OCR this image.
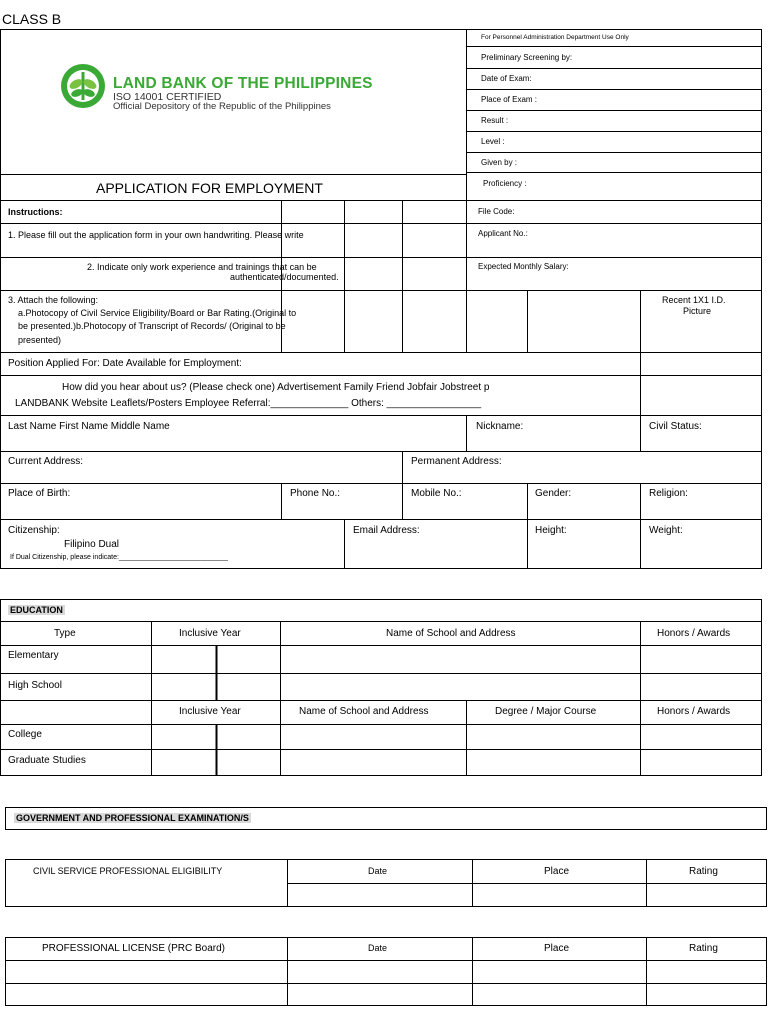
CLASS B
LAND BANK OF THE PHILIPPINES
ISO 14001 CERTIFIED
Official Depository of the Republic of the Philippines
APPLICATION FOR EMPLOYMENT
For Personnel Administration Department Use Only
Preliminary Screening by:
Date of Exam:
Place of Exam :
Result :
Level :
Given by :
Proficiency :
File Code:
Applicant No.:
Expected Monthly Salary:
Instructions:
1. Please fill out the application form in your own handwriting. Please write
2. Indicate only work experience and trainings that can be
authenticated/documented.
3. Attach the following:
a.Photocopy of Civil Service Eligibility/Board or Bar Rating.(Original to
be presented.)b.Photocopy of Transcript of Records/ (Original to be
presented)
Recent 1X1 I.D.
Picture
Position Applied For: Date Available for Employment:
How did you hear about us? (Please check one) Advertisement Family Friend Jobfair Jobstreet p
LANDBANK Website Leaflets/Posters Employee Referral:______________ Others: _________________
Last Name First Name Middle Name	Nickname:	Civil Status:
Current Address:	Permanent Address:
Place of Birth:	Phone No.:	Mobile No.:	Gender:	Religion:
Citizenship:
Filipino Dual
If Dual Citizenship, please indicate:____________________________
Email Address:	Height:	Weight:
EDUCATION
Type	Inclusive Year	Name of School and Address	Honors / Awards
Elementary
High School
Inclusive Year	Name of School and Address	Degree / Major Course	Honors / Awards
College
Graduate Studies
GOVERNMENT AND PROFESSIONAL EXAMINATION/S
CIVIL SERVICE PROFESSIONAL ELIGIBILITY	Date	Place	Rating
PROFESSIONAL LICENSE (PRC Board)	Date	Place	Rating
